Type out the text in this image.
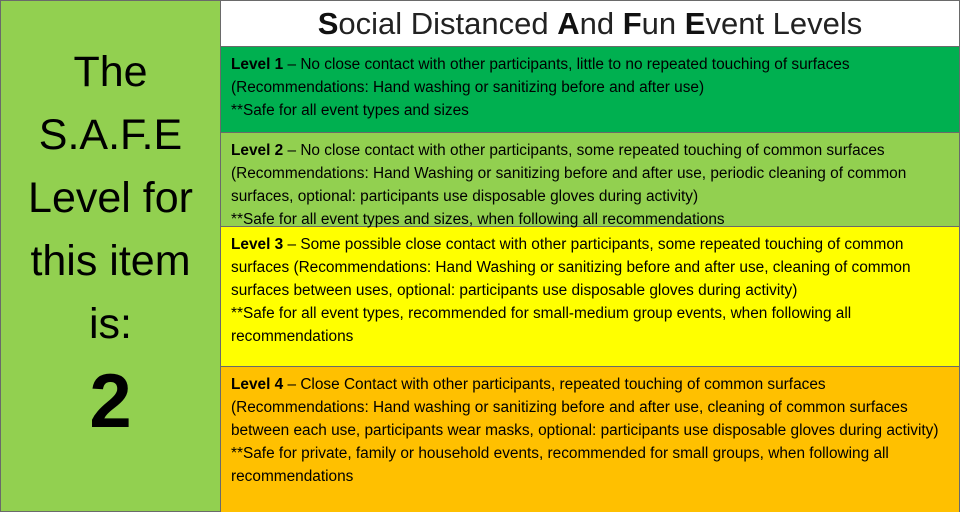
The
S.A.F.E
Level for
this item
is:
2
Social Distanced And Fun Event Levels
Level 1 – No close contact with other participants, little to no repeated touching of surfaces (Recommendations: Hand washing or sanitizing before and after use)
**Safe for all event types and sizes
Level 2 – No close contact with other participants, some repeated touching of common surfaces (Recommendations: Hand Washing or sanitizing before and after use, periodic cleaning of common surfaces, optional: participants use disposable gloves during activity)
**Safe for all event types and sizes, when following all recommendations
Level 3 – Some possible close contact with other participants, some repeated touching of common surfaces (Recommendations: Hand Washing or sanitizing before and after use, cleaning of common surfaces between uses, optional: participants use disposable gloves during activity)
**Safe for all event types, recommended for small-medium group events, when following all recommendations
Level 4 – Close Contact with other participants, repeated touching of common surfaces (Recommendations: Hand washing or sanitizing before and after use, cleaning of common surfaces between each use, participants wear masks, optional: participants use disposable gloves during activity)
**Safe for private, family or household events, recommended for small groups, when following all recommendations
